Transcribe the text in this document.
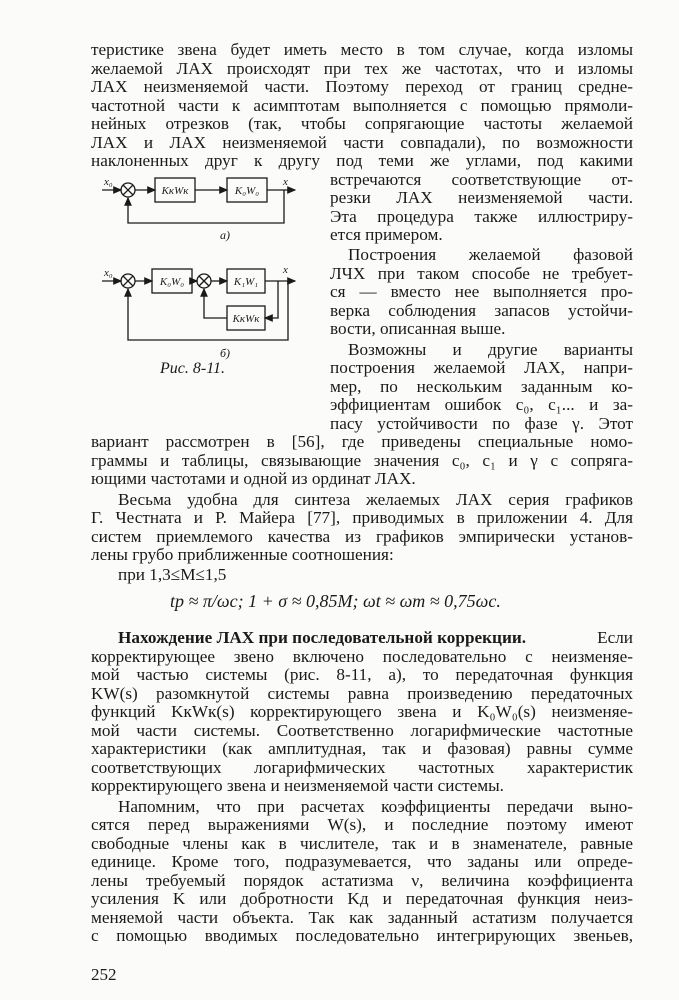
теристике звена будет иметь место в том случае, когда изломы
желаемой ЛАХ происходят при тех же частотах, что и изломы
ЛАХ неизменяемой части. Поэтому переход от границ средне-
частотной части к асимптотам выполняется с помощью прямоли-
нейных отрезков (так, чтобы сопрягающие частоты желаемой
ЛАХ и ЛАХ неизменяемой части совпадали), по возможности
наклоненных друг к другу под теми же углами, под какими
встречаются соответствующие от-
резки ЛАХ неизменяемой части.
Эта процедура также иллюстриру-
ется примером.
Построения желаемой фазовой
ЛЧХ при таком способе не требует-
ся — вместо нее выполняется про-
верка соблюдения запасов устойчи-
вости, описанная выше.
Возможны и другие варианты
построения желаемой ЛАХ, напри-
мер, по нескольким заданным ко-
эффициентам ошибок c₀, c₁... и за-
пасу устойчивости по фазе γ. Этот
x₀	x
KкWк	K₀W₀
а)
x₀	x
K₀W₀	K₁W₁
KкWк
б)
Рис. 8-11.
вариант рассмотрен в [56], где приведены специальные номо-
граммы и таблицы, связывающие значения c₀, c₁ и γ с сопряга-
ющими частотами и одной из ординат ЛАХ.
Весьма удобна для синтеза желаемых ЛАХ серия графиков
Г. Честната и Р. Майера [77], приводимых в приложении 4. Для
систем приемлемого качества из графиков эмпирически установ-
лены грубо приближенные соотношения:
при 1,3≤M≤1,5
tр ≈ π/ωc; 1 + σ ≈ 0,85M; ωt ≈ ωm ≈ 0,75ωc.
Нахождение ЛАХ при последовательной коррекции.	Если
корректирующее звено включено последовательно с неизменяе-
мой частью системы (рис. 8-11, а), то передаточная функция
KW(s) разомкнутой системы равна произведению передаточных
функций KкWк(s) корректирующего звена и K₀W₀(s) неизменяе-
мой части системы. Соответственно логарифмические частотные
характеристики (как амплитудная, так и фазовая) равны сумме
соответствующих логарифмических частотных характеристик
корректирующего звена и неизменяемой части системы.
Напомним, что при расчетах коэффициенты передачи выно-
сятся перед выражениями W(s), и последние поэтому имеют
свободные члены как в числителе, так и в знаменателе, равные
единице. Кроме того, подразумевается, что заданы или опреде-
лены требуемый порядок астатизма ν, величина коэффициента
усиления K или добротности Kд и передаточная функция неиз-
меняемой части объекта. Так как заданный астатизм получается
с помощью вводимых последовательно интегрирующих звеньев,
252
